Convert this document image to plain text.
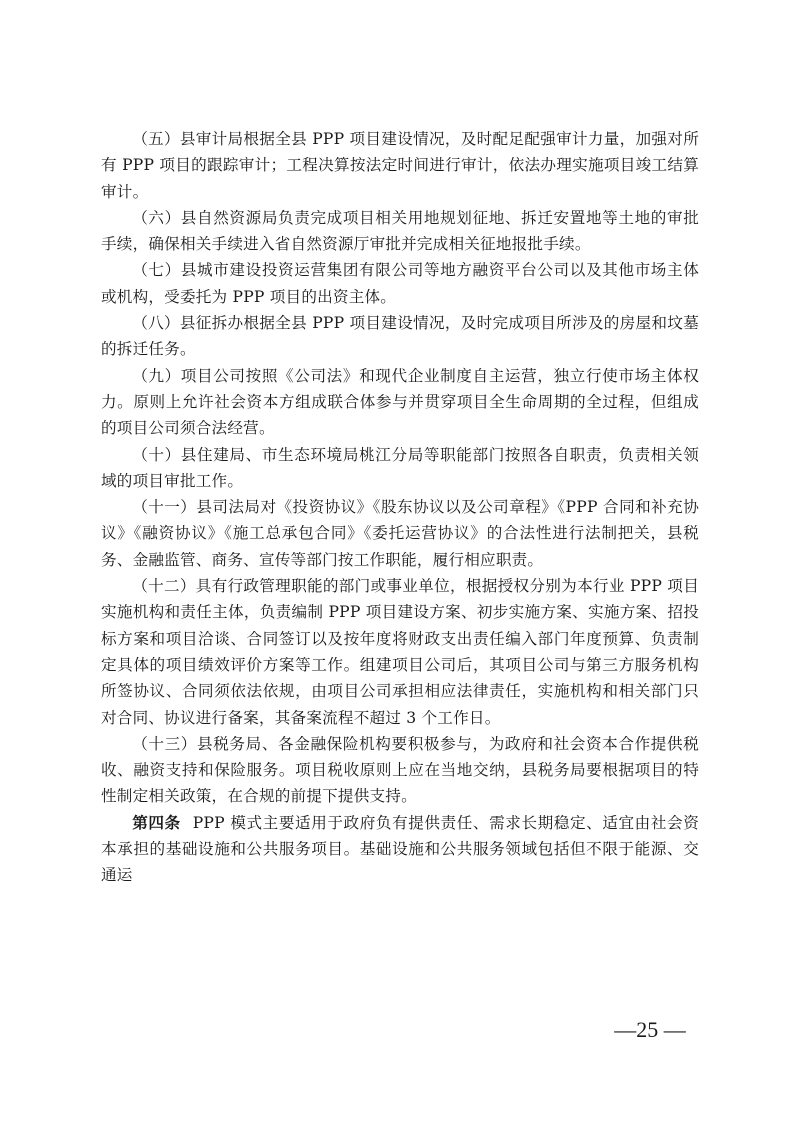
（五）县审计局根据全县 PPP 项目建设情况，及时配足配强审计力量，加强对所有 PPP 项目的跟踪审计；工程决算按法定时间进行审计，依法办理实施项目竣工结算审计。

（六）县自然资源局负责完成项目相关用地规划征地、拆迁安置地等土地的审批手续，确保相关手续进入省自然资源厅审批并完成相关征地报批手续。

（七）县城市建设投资运营集团有限公司等地方融资平台公司以及其他市场主体或机构，受委托为 PPP 项目的出资主体。

（八）县征拆办根据全县 PPP 项目建设情况，及时完成项目所涉及的房屋和坟墓的拆迁任务。

（九）项目公司按照《公司法》和现代企业制度自主运营，独立行使市场主体权力。原则上允许社会资本方组成联合体参与并贯穿项目全生命周期的全过程，但组成的项目公司须合法经营。

（十）县住建局、市生态环境局桃江分局等职能部门按照各自职责，负责相关领域的项目审批工作。

（十一）县司法局对《投资协议》《股东协议以及公司章程》《PPP 合同和补充协议》《融资协议》《施工总承包合同》《委托运营协议》的合法性进行法制把关，县税务、金融监管、商务、宣传等部门按工作职能，履行相应职责。

（十二）具有行政管理职能的部门或事业单位，根据授权分别为本行业 PPP 项目实施机构和责任主体，负责编制 PPP 项目建设方案、初步实施方案、实施方案、招投标方案和项目洽谈、合同签订以及按年度将财政支出责任编入部门年度预算、负责制定具体的项目绩效评价方案等工作。组建项目公司后，其项目公司与第三方服务机构所签协议、合同须依法依规，由项目公司承担相应法律责任，实施机构和相关部门只对合同、协议进行备案，其备案流程不超过 3 个工作日。

（十三）县税务局、各金融保险机构要积极参与，为政府和社会资本合作提供税收、融资支持和保险服务。项目税收原则上应在当地交纳，县税务局要根据项目的特性制定相关政策，在合规的前提下提供支持。

第四条 PPP 模式主要适用于政府负有提供责任、需求长期稳定、适宜由社会资本承担的基础设施和公共服务项目。基础设施和公共服务领域包括但不限于能源、交通运

—25 —
